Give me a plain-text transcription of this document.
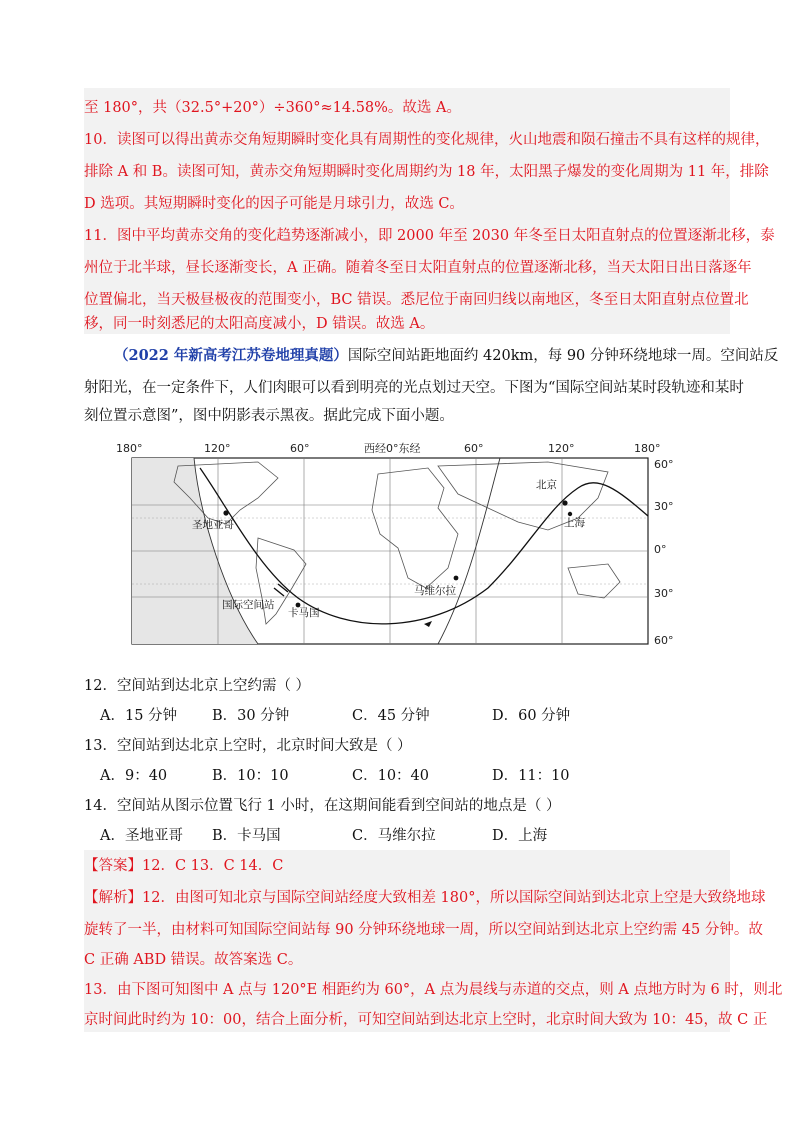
至 180°，共（32.5°+20°）÷360°≈14.58%。故选 A。
10．读图可以得出黄赤交角短期瞬时变化具有周期性的变化规律，火山地震和陨石撞击不具有这样的规律，
排除 A 和 B。读图可知，黄赤交角短期瞬时变化周期约为 18 年，太阳黑子爆发的变化周期为 11 年，排除
D 选项。其短期瞬时变化的因子可能是月球引力，故选 C。
11．图中平均黄赤交角的变化趋势逐渐减小，即 2000 年至 2030 年冬至日太阳直射点的位置逐渐北移，泰
州位于北半球，昼长逐渐变长，A 正确。随着冬至日太阳直射点的位置逐渐北移，当天太阳日出日落逐年
位置偏北，当天极昼极夜的范围变小，BC 错误。悉尼位于南回归线以南地区，冬至日太阳直射点位置北
移，同一时刻悉尼的太阳高度减小，D 错误。故选 A。
（2022 年新高考江苏卷地理真题）国际空间站距地面约 420km，每 90 分钟环绕地球一周。空间站反
射阳光，在一定条件下，人们肉眼可以看到明亮的光点划过天空。下图为“国际空间站某时段轨迹和某时
刻位置示意图”，图中阴影表示黑夜。据此完成下面小题。
180°	120°	60°	西经0°东经	60°	120°	180°
60°
30°
0°
30°
60°
圣地亚哥
北京
上海
国际空间站
卡马国
马维尔拉
12．空间站到达北京上空约需（ ）
A．15 分钟 B．30 分钟	C．45 分钟	D．60 分钟
13．空间站到达北京上空时，北京时间大致是（ ）
A．9：40	B．10：10	C．10：40	D．11：10
14．空间站从图示位置飞行 1 小时，在这期间能看到空间站的地点是（ ）
A．圣地亚哥 B．卡马国	C．马维尔拉	D．上海
【答案】12．C 13．C 14．C
【解析】12．由图可知北京与国际空间站经度大致相差 180°，所以国际空间站到达北京上空是大致绕地球
旋转了一半，由材料可知国际空间站每 90 分钟环绕地球一周，所以空间站到达北京上空约需 45 分钟。故
C 正确 ABD 错误。故答案选 C。
13．由下图可知图中 A 点与 120°E 相距约为 60°，A 点为晨线与赤道的交点，则 A 点地方时为 6 时，则北
京时间此时约为 10：00，结合上面分析，可知空间站到达北京上空时，北京时间大致为 10：45，故 C 正
